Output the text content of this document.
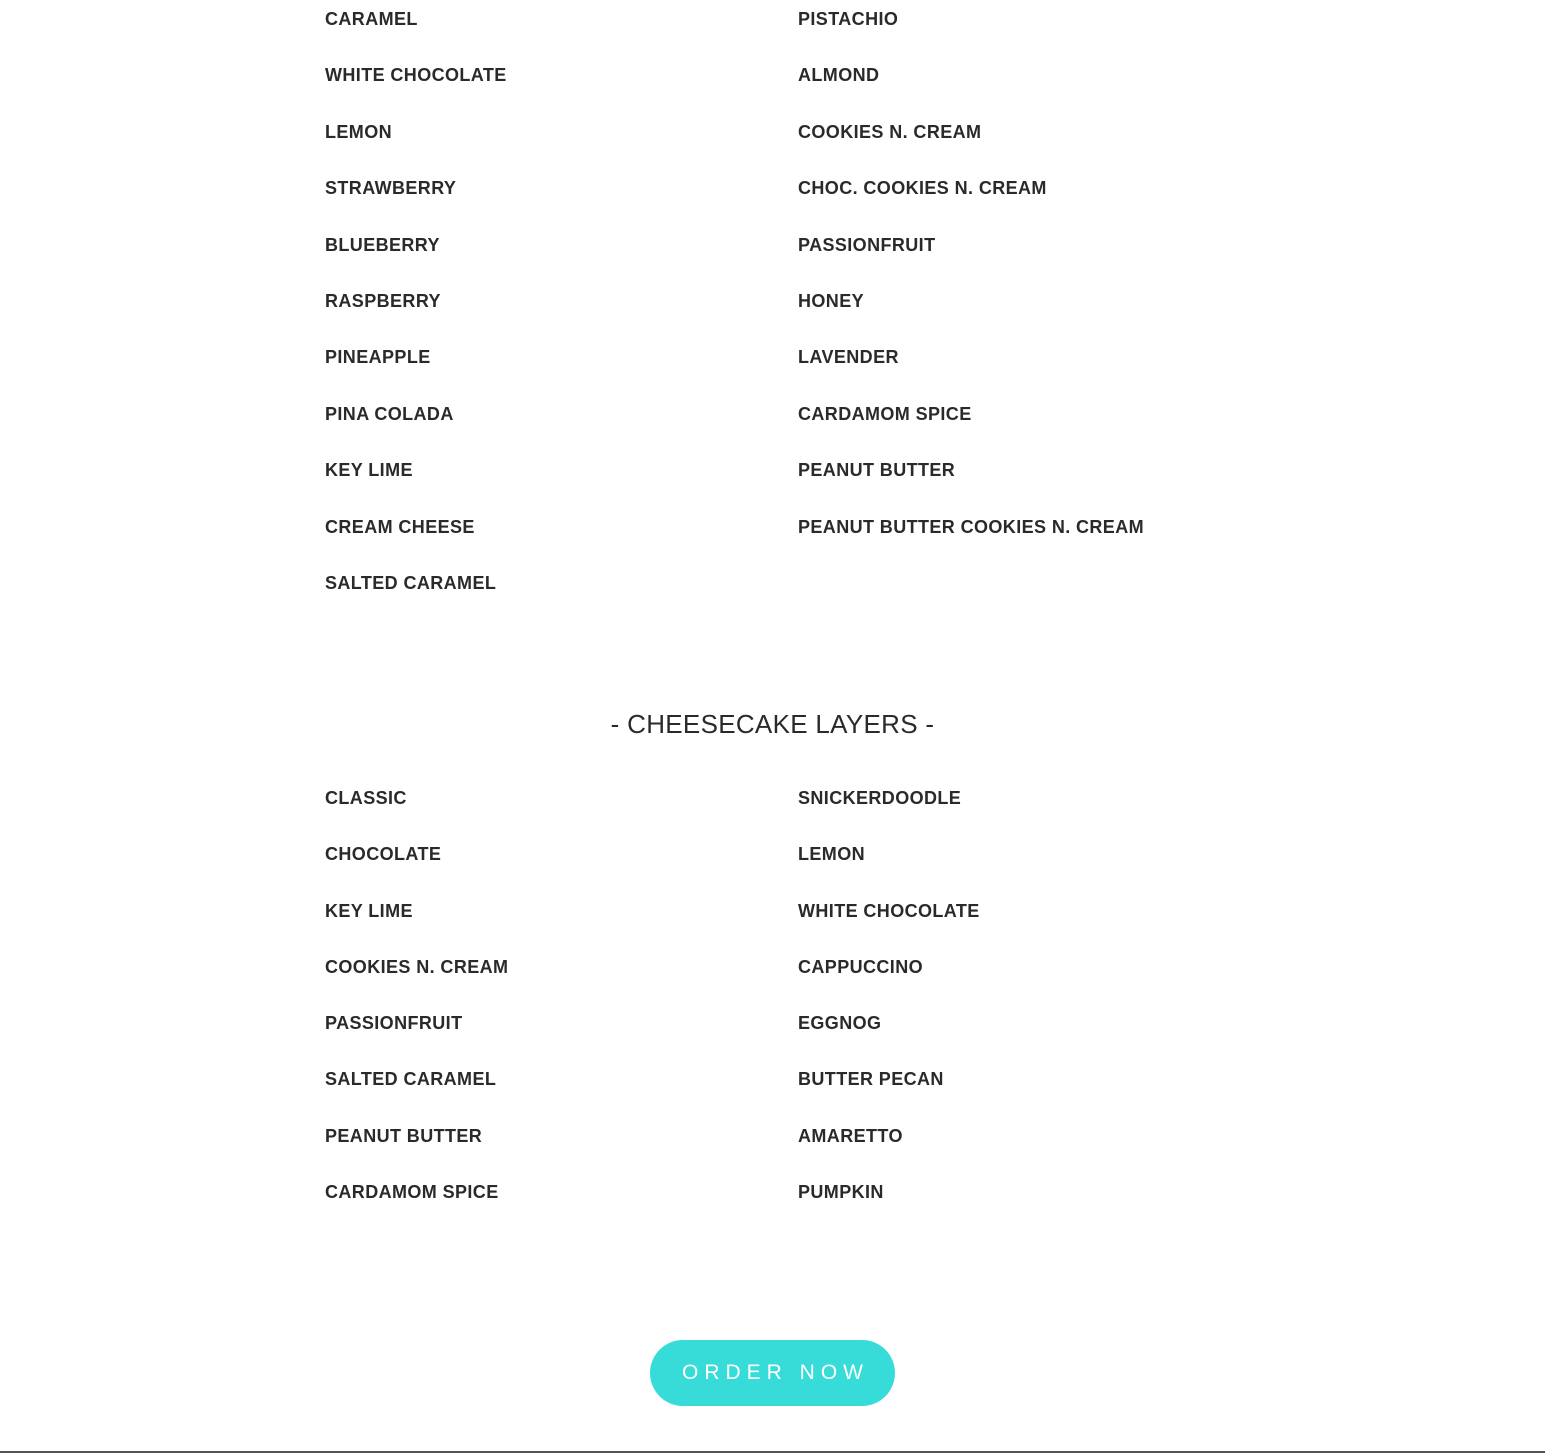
CARAMEL
WHITE CHOCOLATE
LEMON
STRAWBERRY
BLUEBERRY
RASPBERRY
PINEAPPLE
PINA COLADA
KEY LIME
CREAM CHEESE
SALTED CARAMEL
PISTACHIO
ALMOND
COOKIES N. CREAM
CHOC. COOKIES N. CREAM
PASSIONFRUIT
HONEY
LAVENDER
CARDAMOM SPICE
PEANUT BUTTER
PEANUT BUTTER COOKIES N. CREAM
- CHEESECAKE LAYERS -
CLASSIC
CHOCOLATE
KEY LIME
COOKIES N. CREAM
PASSIONFRUIT
SALTED CARAMEL
PEANUT BUTTER
CARDAMOM SPICE
SNICKERDOODLE
LEMON
WHITE CHOCOLATE
CAPPUCCINO
EGGNOG
BUTTER PECAN
AMARETTO
PUMPKIN
ORDER NOW
